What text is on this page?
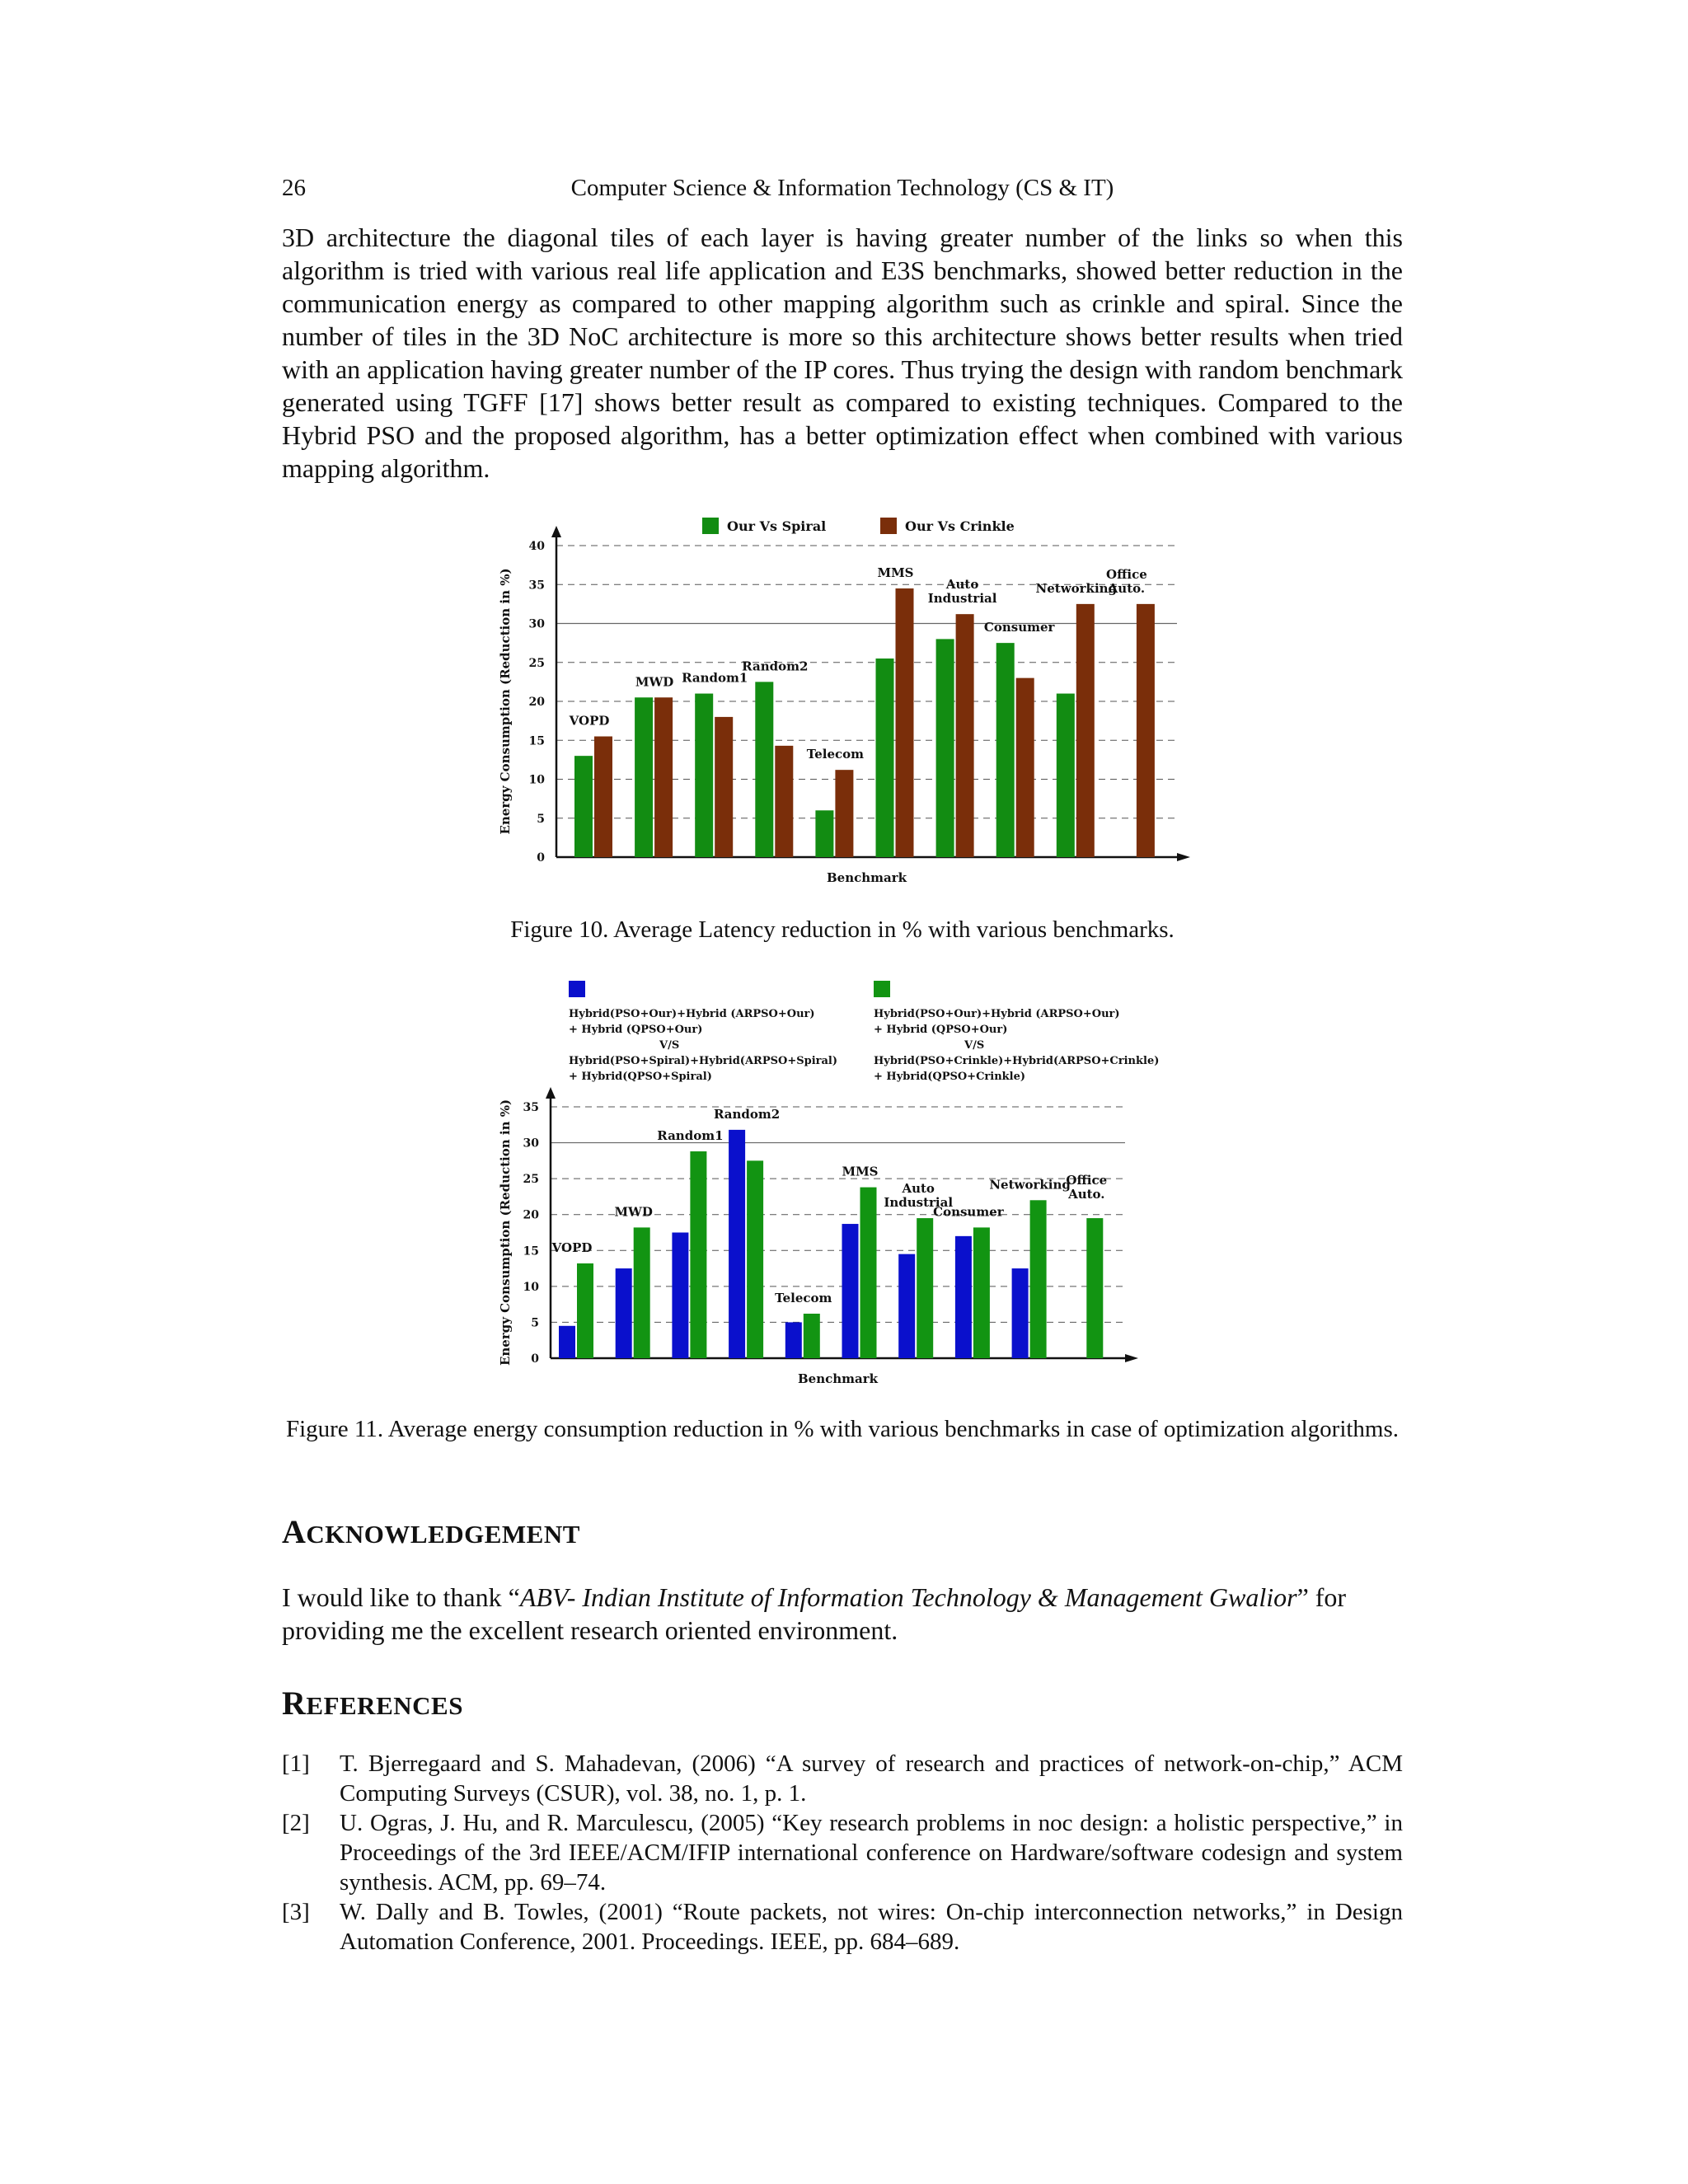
26	Computer Science & Information Technology (CS & IT)

3D architecture the diagonal tiles of each layer is having greater number of the links so when this algorithm is tried with various real life application and E3S benchmarks, showed better reduction in the communication energy as compared to other mapping algorithm such as crinkle and spiral. Since the number of tiles in the 3D NoC architecture is more so this architecture shows better results when tried with an application having greater number of the IP cores. Thus trying the design with random benchmark generated using TGFF [17] shows better result as compared to existing techniques. Compared to the Hybrid PSO and the proposed algorithm, has a better optimization effect when combined with various mapping algorithm.

Our Vs Spiral	Our Vs Crinkle
0
5
10
15
20
25
30
35
40
VOPD
MWD Random1
Random2
Telecom
MMS
Auto
Industrial
Consumer
Networking
Office
Auto.
Benchmark
Energy Consumption (Reduction in %)
Figure 10. Average Latency reduction in % with various benchmarks.
Hybrid(PSO+Our)+Hybrid (ARPSO+Our)
+ Hybrid (QPSO+Our)
V/S
Hybrid(PSO+Spiral)+Hybrid(ARPSO+Spiral)
+ Hybrid(QPSO+Spiral)
Hybrid(PSO+Our)+Hybrid (ARPSO+Our)
+ Hybrid (QPSO+Our)
V/S
Hybrid(PSO+Crinkle)+Hybrid(ARPSO+Crinkle)
+ Hybrid(QPSO+Crinkle)
0
5
10
15
20
25
30
35
VOPD
MWD
Random1
Random2
Telecom
MMS
Auto
Industrial
Consumer
Networking
Office
Auto.
Benchmark
Energy Consumption (Reduction in %)
Figure 11. Average energy consumption reduction in % with various benchmarks in case of optimization algorithms.
ACKNOWLEDGEMENT

I would like to thank “ABV- Indian Institute of Information Technology & Management Gwalior” for providing me the excellent research oriented environment.

REFERENCES
[1] T. Bjerregaard and S. Mahadevan, (2006) “A survey of research and practices of network-on-chip,” ACM Computing Surveys (CSUR), vol. 38, no. 1, p. 1.
[2] U. Ogras, J. Hu, and R. Marculescu, (2005) “Key research problems in noc design: a holistic perspective,” in Proceedings of the 3rd IEEE/ACM/IFIP international conference on Hardware/software codesign and system synthesis. ACM, pp. 69–74.
[3] W. Dally and B. Towles, (2001) “Route packets, not wires: On-chip interconnection networks,” in Design Automation Conference, 2001. Proceedings. IEEE, pp. 684–689.
